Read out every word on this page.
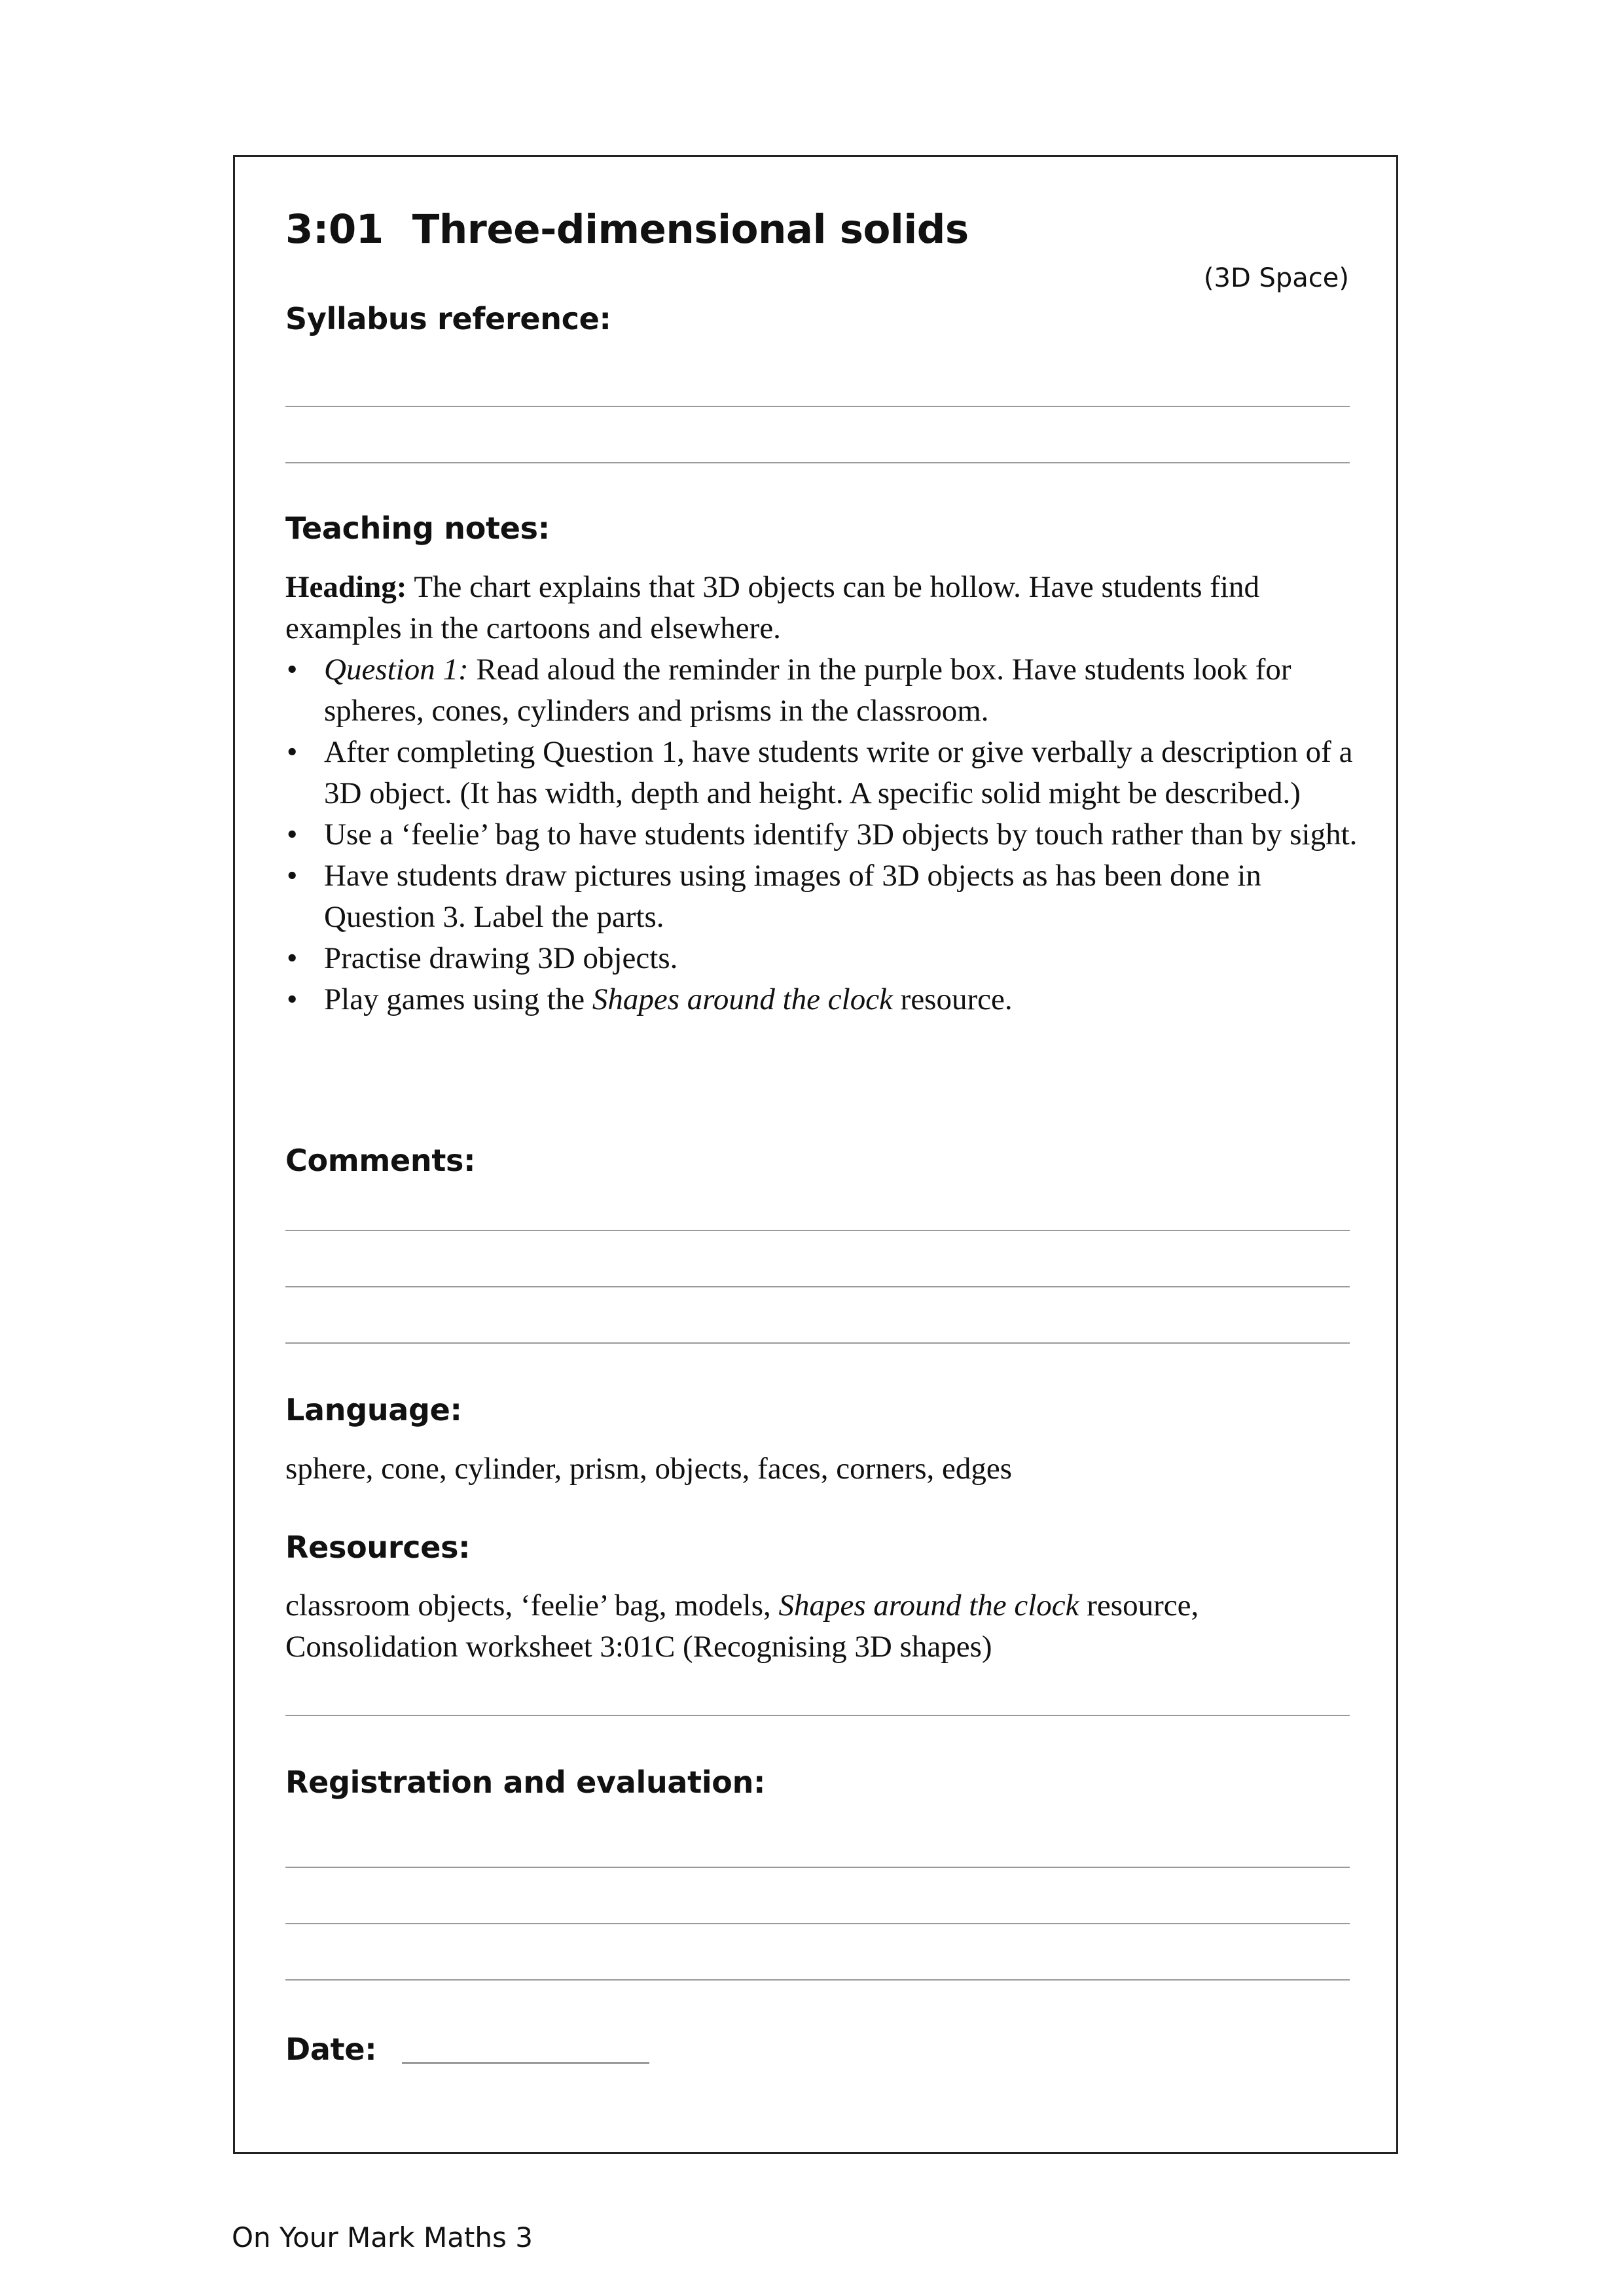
3:01 Three-dimensional solids
(3D Space)
Syllabus reference:
Teaching notes:

Heading: The chart explains that 3D objects can be hollow. Have students find examples in the cartoons and elsewhere.

• Question 1: Read aloud the reminder in the purple box. Have students look for spheres, cones, cylinders and prisms in the classroom.
• After completing Question 1, have students write or give verbally a description of a 3D object. (It has width, depth and height. A specific solid might be described.)
• Use a ‘feelie’ bag to have students identify 3D objects by touch rather than by sight.
• Have students draw pictures using images of 3D objects as has been done in Question 3. Label the parts.
• Practise drawing 3D objects.
• Play games using the Shapes around the clock resource.
Comments:
Language:
sphere, cone, cylinder, prism, objects, faces, corners, edges
Resources:
classroom objects, ‘feelie’ bag, models, Shapes around the clock resource, Consolidation worksheet 3:01C (Recognising 3D shapes)
Registration and evaluation:
Date:
On Your Mark Maths 3
